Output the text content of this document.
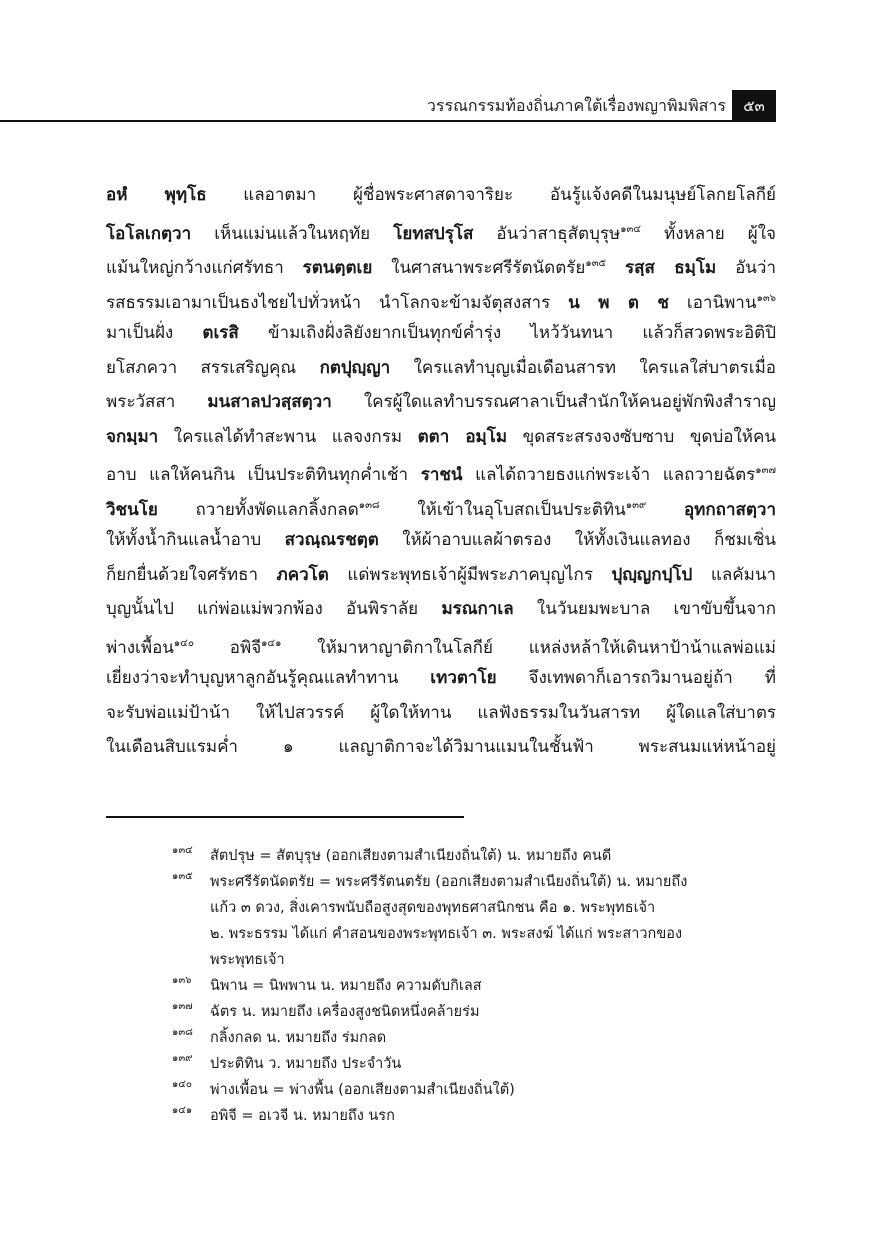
วรรณกรรมท้องถิ่นภาคใต้เรื่องพญาพิมพิสาร	๕๓
อหํ พุทฺโธ แลอาตมา ผู้ชื่อพระศาสดาจาริยะ อันรู้แจ้งคดีในมนุษย์โลกยโลกีย์
โอโลเกตฺวา เห็นแม่นแล้วในหฤทัย โยทสปรุโส อันว่าสาธุสัตบุรุษ$^{๑๓๔}$ ทั้งหลาย ผู้ใจ
แม้นใหญ่กว้างแก่ศรัทธา รตนตฺตเย ในศาสนาพระศรีรัตนัดตรัย$^{๑๓๕}$ รสฺส ธมฺโม อันว่า
รสธรรมเอามาเป็นธงไชยไปทั่วหน้า นำโลกจะข้ามจัตุสงสาร น พ ต ช เอานิพาน$^{๑๓๖}$
มาเป็นฝั่ง ตเรสิ ข้ามเถิงฝั่งลิยังยากเป็นทุกข์ค่ำรุ่ง ไหว้วันทนา แล้วก็สวดพระอิติปิ
ยโสภควา สรรเสริญคุณ กตปุญฺญา ใครแลทำบุญเมื่อเดือนสารท ใครแลใส่บาตรเมื่อ
พระวัสสา มนสาลปวสฺสตฺวา ใครผู้ใดแลทำบรรณศาลาเป็นสำนักให้คนอยู่พักพิงสำราญ
จกมฺมา ใครแลได้ทำสะพาน แลจงกรม ตตา อมฺโม ขุดสระสรงจงซับซาบ ขุดบ่อให้คน
อาบ แลให้คนกิน เป็นประติทินทุกค่ำเช้า ราชนํ แลได้ถวายธงแก่พระเจ้า แลถวายฉัตร$^{๑๓๗}$
วิชนโย ถวายทั้งพัดแลกลิ้งกลด$^{๑๓๘}$ ให้เข้าในอุโบสถเป็นประติทิน$^{๑๓๙}$ อุทกถาสตฺวา
ให้ทั้งน้ำกินแลน้ำอาบ สวณฺณรชตฺต ให้ผ้าอาบแลผ้าตรอง ให้ทั้งเงินแลทอง ก็ชมเชิ่น
ก็ยกยื่นด้วยใจศรัทธา ภควโต แด่พระพุทธเจ้าผู้มีพระภาคบุญไกร ปุญฺญกปฺโป แลคัมนา
บุญนั้นไป แก่พ่อแม่พวกพ้อง อันพิราลัย มรณกาเล ในวันยมพะบาล เขาขับขึ้นจาก
พ่างเพื้อน$^{๑๔๐}$ อพิจี$^{๑๔๑}$ ให้มาหาญาติกาในโลกีย์ แหล่งหล้าให้เดินหาป้าน้าแลพ่อแม่
เยี่ยงว่าจะทำบุญหาลูกอันรู้คุณแลทำทาน เทวตาโย จึงเทพดาก็เอารถวิมานอยู่ถ้า ที่
จะรับพ่อแม่ป้าน้า ให้ไปสวรรค์ ผู้ใดให้ทาน แลฟังธรรมในวันสารท ผู้ใดแลใส่บาตร
ในเดือนสิบแรมค่ำ ๑ แลญาติกาจะได้วิมานแมนในชั้นฟ้า พระสนมแห่หน้าอยู่
๑๓๔	สัตปรุษ = สัตบุรุษ (ออกเสียงตามสำเนียงถิ่นใต้) น. หมายถึง คนดี
๑๓๕	พระศรีรัตนัดตรัย = พระศรีรัตนตรัย (ออกเสียงตามสำเนียงถิ่นใต้) น. หมายถึง
แก้ว ๓ ดวง, สิ่งเคารพนับถือสูงสุดของพุทธศาสนิกชน คือ ๑. พระพุทธเจ้า
๒. พระธรรม ได้แก่ คำสอนของพระพุทธเจ้า ๓. พระสงฆ์ ได้แก่ พระสาวกของ
พระพุทธเจ้า
๑๓๖	นิพาน = นิพพาน น. หมายถึง ความดับกิเลส
๑๓๗	ฉัตร น. หมายถึง เครื่องสูงชนิดหนึ่งคล้ายร่ม
๑๓๘	กลิ้งกลด น. หมายถึง ร่มกลด
๑๓๙	ประติทิน ว. หมายถึง ประจำวัน
๑๔๐	พ่างเพื้อน = พ่างพื้น (ออกเสียงตามสำเนียงถิ่นใต้)
๑๔๑	อพิจี = อเวจี น. หมายถึง นรก
